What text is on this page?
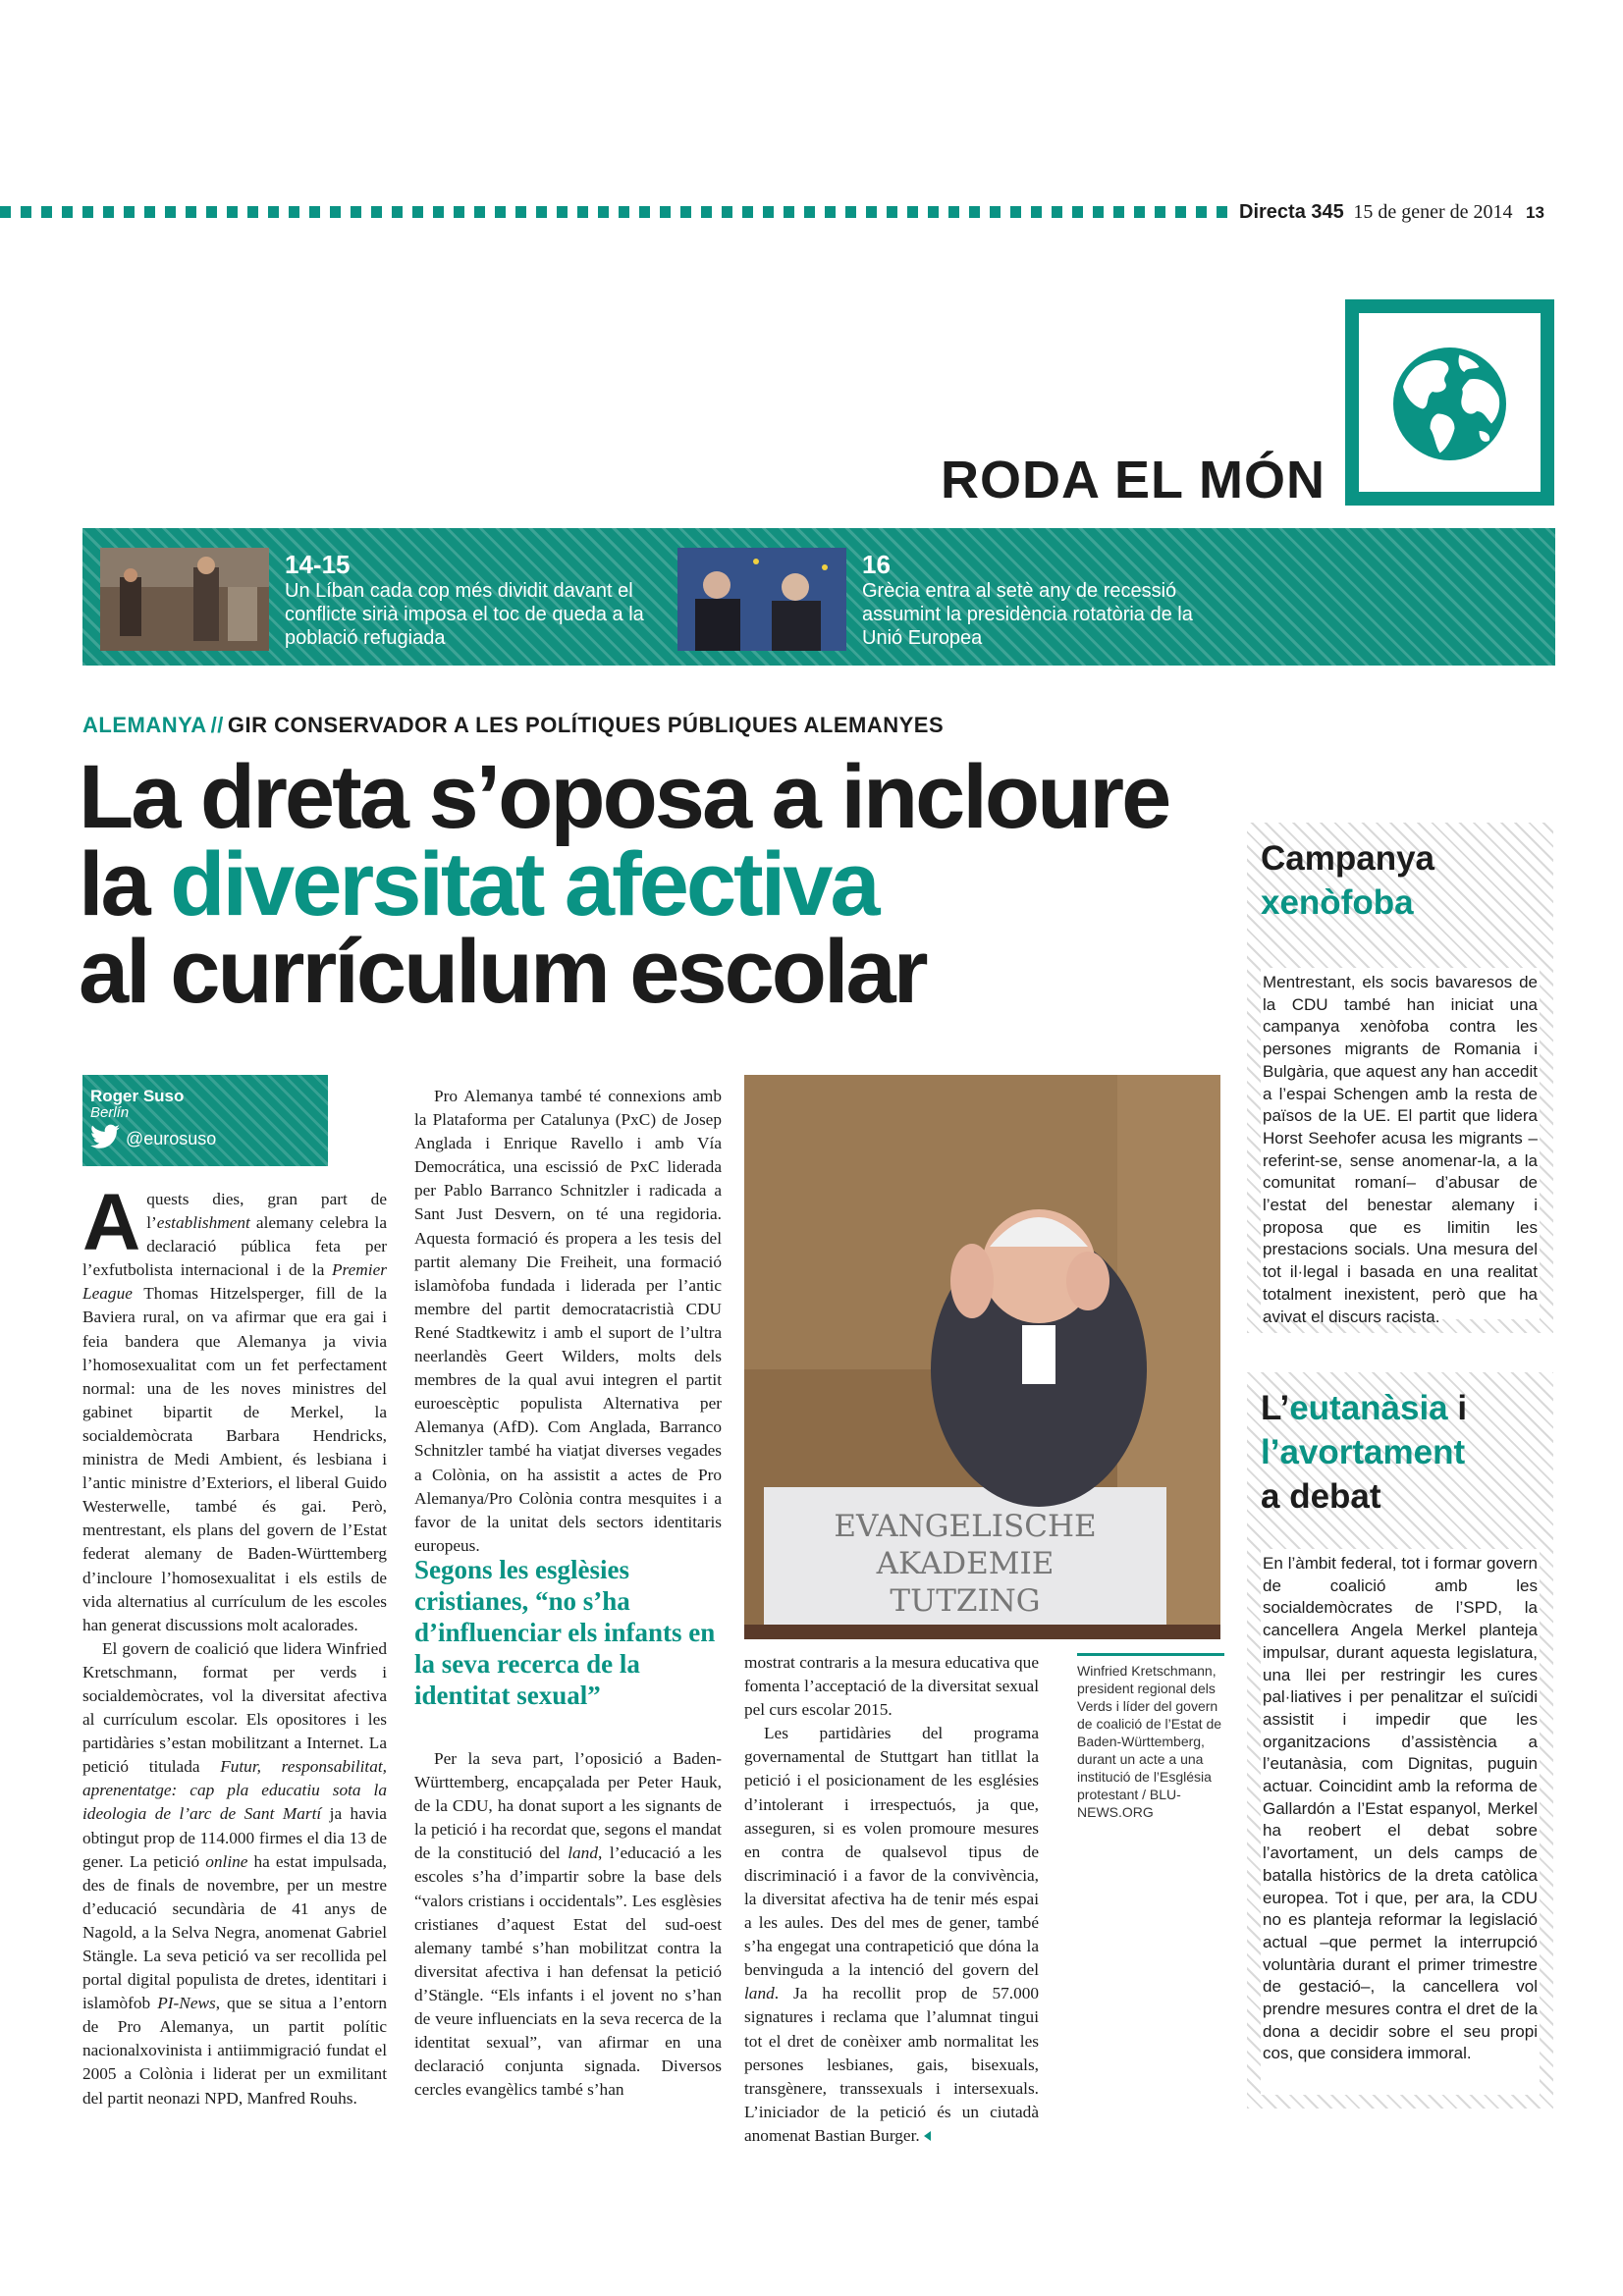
Directa 345 15 de gener de 2014 13
RODA EL MÓN
14-15
Un Líban cada cop més dividit davant el conflicte sirià imposa el toc de queda a la població refugiada
16
Grècia entra al setè any de recessió assumint la presidència rotatòria de la Unió Europea
ALEMANYA // GIR CONSERVADOR A LES POLÍTIQUES PÚBLIQUES ALEMANYES
La dreta s’oposa a incloure
la diversitat afectiva
al currículum escolar
Roger Suso
Berlín
@eurosuso

Aquests dies, gran part de l’establishment alemany celebra la declaració pública feta per l’exfutbolista internacional i de la Premier League Thomas Hitzelsperger, fill de la Baviera rural, on va afirmar que era gai i feia bandera que Alemanya ja vivia l’homosexualitat com un fet perfectament normal: una de les noves ministres del gabinet bipartit de Merkel, la socialdemòcrata Barbara Hendricks, ministra de Medi Ambient, és lesbiana i l’antic ministre d’Exteriors, el liberal Guido Westerwelle, també és gai. Però, mentrestant, els plans del govern de l’Estat federat alemany de Baden-Württemberg d’incloure l’homosexualitat i els estils de vida alternatius al currículum de les escoles han generat discussions molt acalorades.

El govern de coalició que lidera Winfried Kretschmann, format per verds i socialdemòcrates, vol la diversitat afectiva al currículum escolar. Els opositores i les partidàries s’estan mobilitzant a Internet. La petició titulada Futur, responsabilitat, aprenentatge: cap pla educatiu sota la ideologia de l’arc de Sant Martí ja havia obtingut prop de 114.000 firmes el dia 13 de gener. La petició online ha estat impulsada, des de finals de novembre, per un mestre d’educació secundària de 41 anys de Nagold, a la Selva Negra, anomenat Gabriel Stängle. La seva petició va ser recollida pel portal digital populista de dretes, identitari i islamòfob PI-News, que se situa a l’entorn de Pro Alemanya, un partit polític nacionalxovinista i antiimmigració fundat el 2005 a Colònia i liderat per un exmilitant del partit neonazi NPD, Manfred Rouhs.

Pro Alemanya també té connexions amb la Plataforma per Catalunya (PxC) de Josep Anglada i Enrique Ravello i amb Vía Democrática, una escissió de PxC liderada per Pablo Barranco Schnitzler i radicada a Sant Just Desvern, on té una regidoria. Aquesta formació és propera a les tesis del partit alemany Die Freiheit, una formació islamòfoba fundada i liderada per l’antic membre del partit democratacristià CDU René Stadtkewitz i amb el suport de l’ultra neerlandès Geert Wilders, molts dels membres de la qual avui integren el partit euroescèptic populista Alternativa per Alemanya (AfD). Com Anglada, Barranco Schnitzler també ha viatjat diverses vegades a Colònia, on ha assistit a actes de Pro Alemanya/Pro Colònia contra mesquites i a favor de la unitat dels sectors identitaris europeus.

Segons les esglèsies cristianes, “no s’ha d’influenciar els infants en la seva recerca de la identitat sexual”

Per la seva part, l’oposició a Baden-Württemberg, encapçalada per Peter Hauk, de la CDU, ha donat suport a les signants de la petició i ha recordat que, segons el mandat de la constitució del land, l’educació a les escoles s’ha d’impartir sobre la base dels “valors cristians i occidentals”. Les esglèsies cristianes d’aquest Estat del sud-oest alemany també s’han mobilitzat contra la diversitat afectiva i han defensat la petició d’Stängle. “Els infants i el jovent no s’han de veure influenciats en la seva recerca de la identitat sexual”, van afirmar en una declaració conjunta signada. Diversos cercles evangèlics també s’han

EVANGELISCHE
AKADEMIE
TUTZING

mostrat contraris a la mesura educativa que fomenta l’acceptació de la diversitat sexual pel curs escolar 2015.

Les partidàries del programa governamental de Stuttgart han titllat la petició i el posicionament de les esglésies d’intolerant i irrespectuós, ja que, asseguren, si es volen promoure mesures en contra de qualsevol tipus de discriminació i a favor de la convivència, la diversitat afectiva ha de tenir més espai a les aules. Des del mes de gener, també s’ha engegat una contrapetició que dóna la benvinguda a la intenció del govern del land. Ja ha recollit prop de 57.000 signatures i reclama que l’alumnat tingui tot el dret de conèixer amb normalitat les persones lesbianes, gais, bisexuals, transgènere, transsexuals i intersexuals. L’iniciador de la petició és un ciutadà anomenat Bastian Burger.

Winfried Kretschmann, president regional dels Verds i líder del govern de coalició de l’Estat de Baden-Württemberg, durant un acte a una institució de l’Església protestant / BLU-NEWS.ORG
Campanya
xenòfoba
Mentrestant, els socis bavaresos de la CDU també han iniciat una campanya xenòfoba contra les persones migrants de Romania i Bulgària, que aquest any han accedit a l’espai Schengen amb la resta de països de la UE. El partit que lidera Horst Seehofer acusa les migrants –referint-se, sense anomenar-la, a la comunitat romaní– d’abusar de l’estat del benestar alemany i proposa que es limitin les prestacions socials. Una mesura del tot il·legal i basada en una realitat totalment inexistent, però que ha avivat el discurs racista.
L’eutanàsia i
l’avortament
a debat
En l’àmbit federal, tot i formar govern de coalició amb les socialdemòcrates de l’SPD, la cancellera Angela Merkel planteja impulsar, durant aquesta legislatura, una llei per restringir les cures pal·liatives i per penalitzar el suïcidi assistit i impedir que les organitzacions d’assistència a l’eutanàsia, com Dignitas, puguin actuar. Coincidint amb la reforma de Gallardón a l’Estat espanyol, Merkel ha reobert el debat sobre l’avortament, un dels camps de batalla històrics de la dreta catòlica europea. Tot i que, per ara, la CDU no es planteja reformar la legislació actual –que permet la interrupció voluntària durant el primer trimestre de gestació–, la cancellera vol prendre mesures contra el dret de la dona a decidir sobre el seu propi cos, que considera immoral.
